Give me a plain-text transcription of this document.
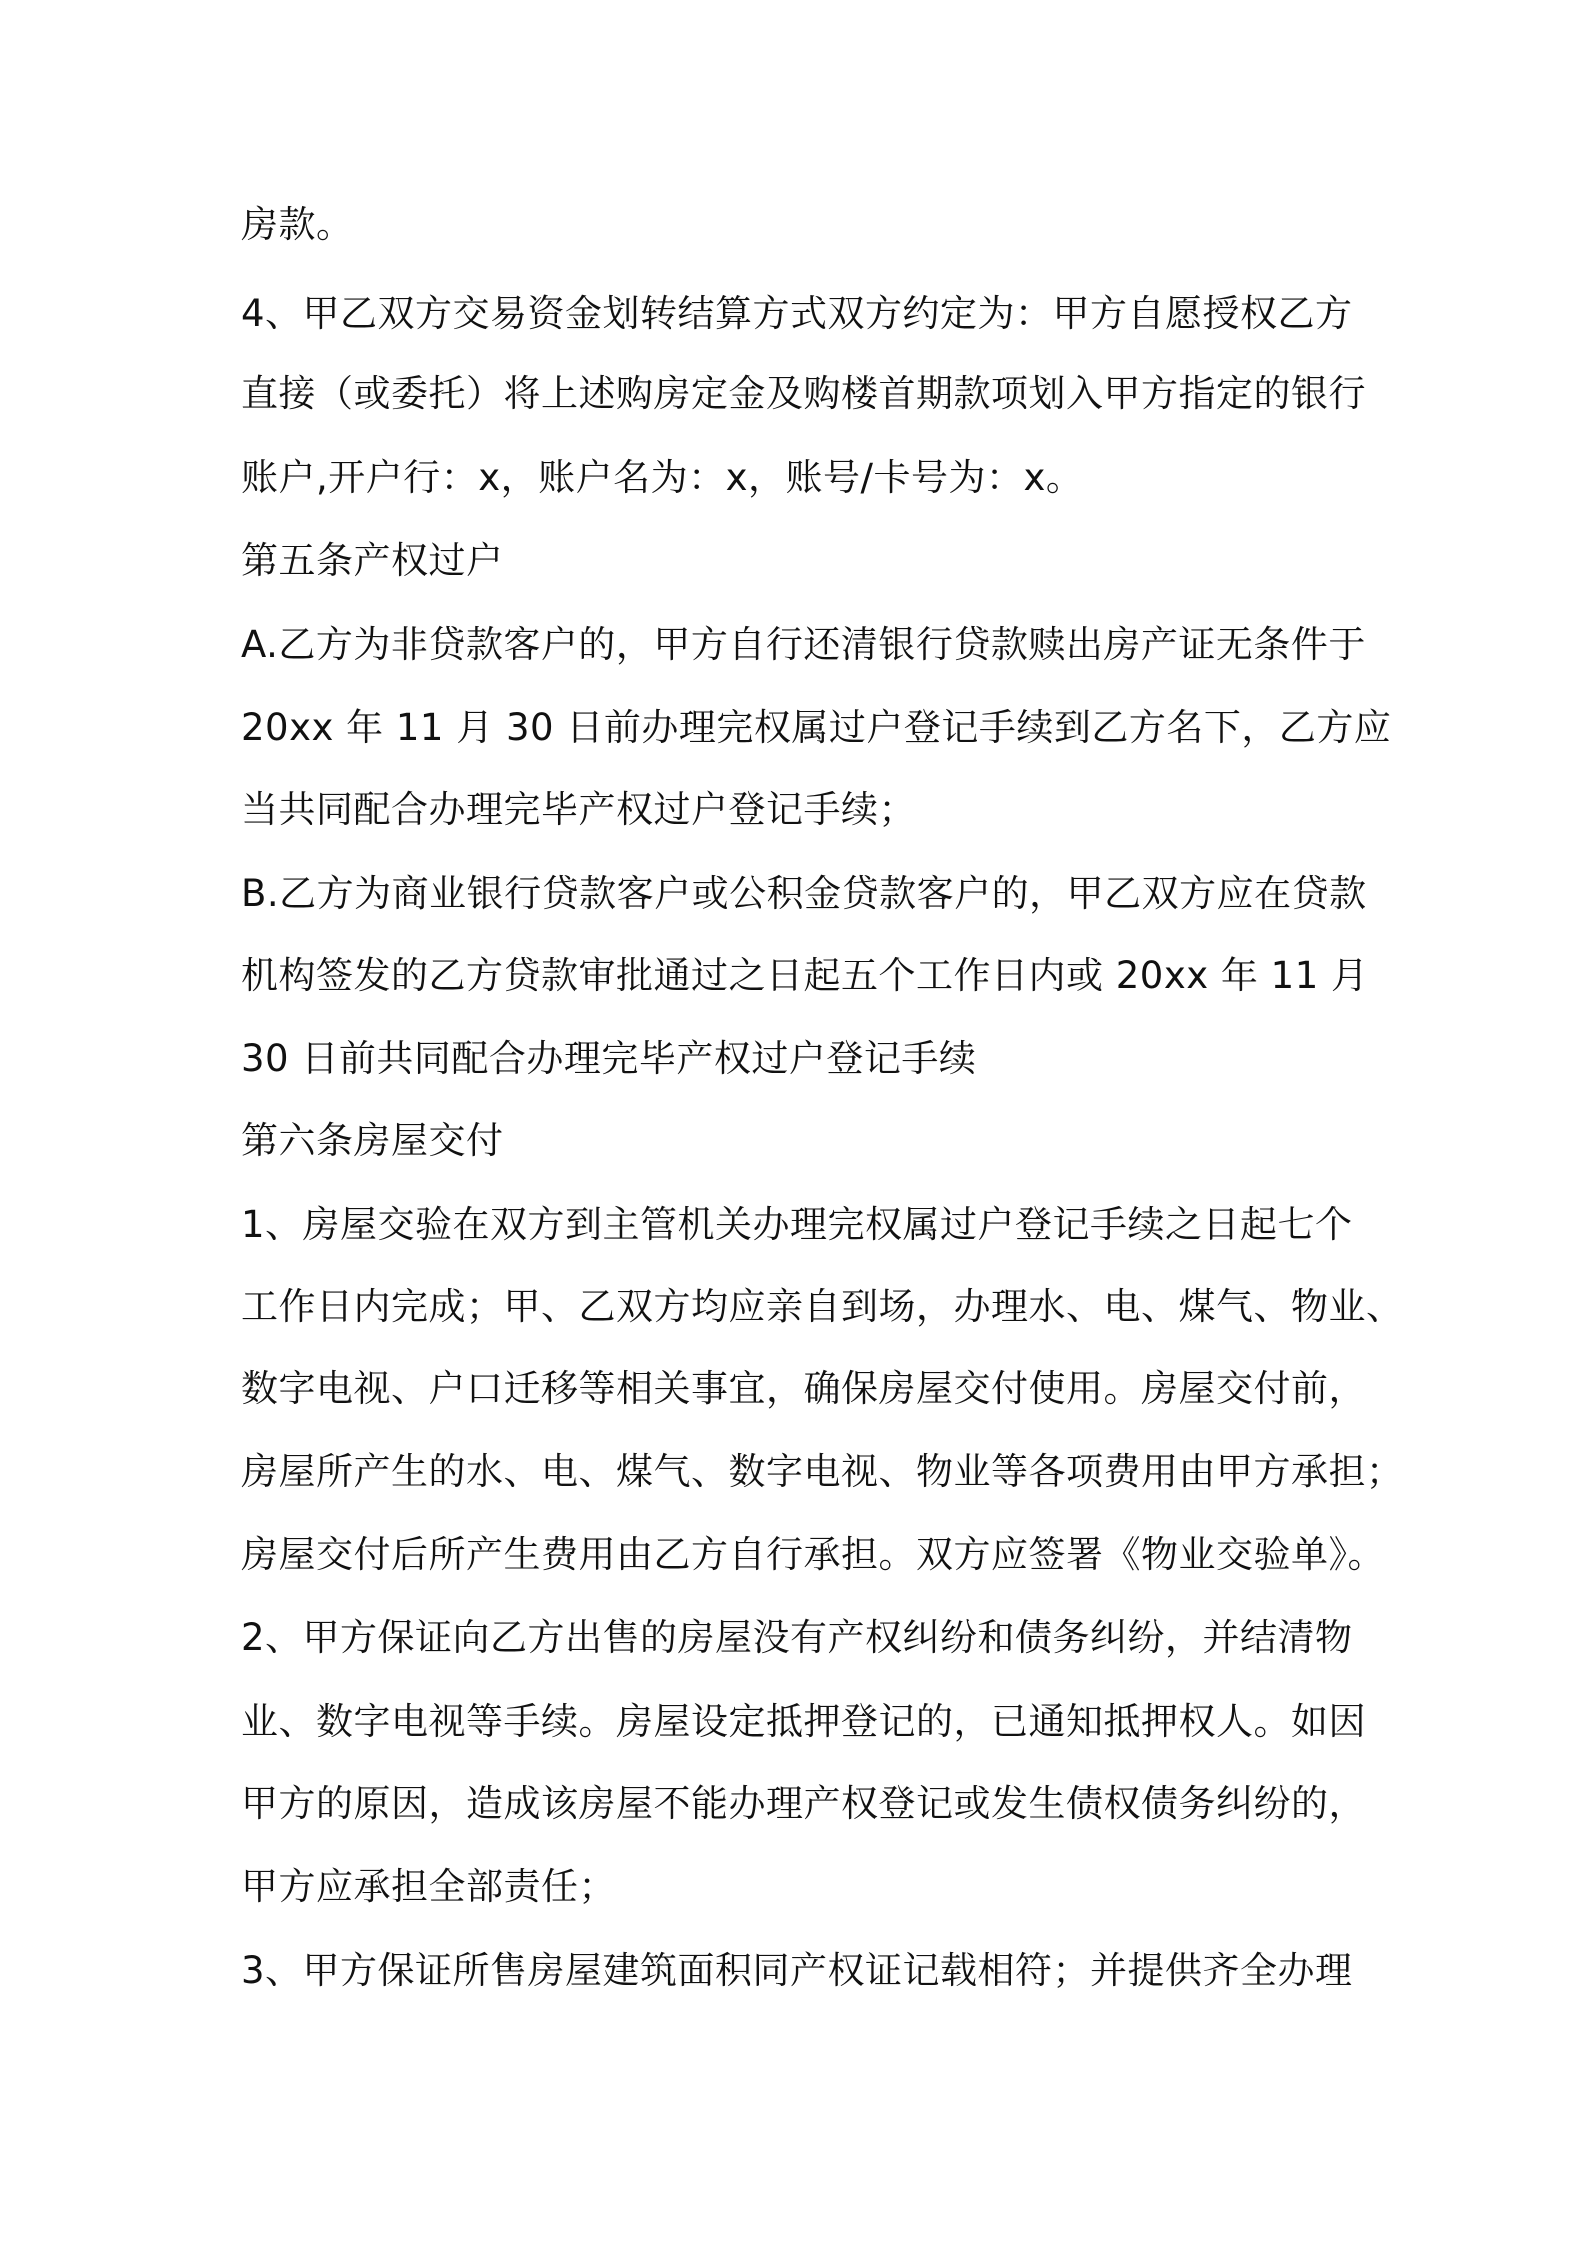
房款。
4、甲乙双方交易资金划转结算方式双方约定为：甲方自愿授权乙方
直接（或委托）将上述购房定金及购楼首期款项划入甲方指定的银行
账户,开户行：x，账户名为：x，账号/卡号为：x。
第五条产权过户
A.乙方为非贷款客户的，甲方自行还清银行贷款赎出房产证无条件于
20xx 年 11 月 30 日前办理完权属过户登记手续到乙方名下，乙方应
当共同配合办理完毕产权过户登记手续；
B.乙方为商业银行贷款客户或公积金贷款客户的，甲乙双方应在贷款
机构签发的乙方贷款审批通过之日起五个工作日内或 20xx 年 11 月
30 日前共同配合办理完毕产权过户登记手续
第六条房屋交付
1、房屋交验在双方到主管机关办理完权属过户登记手续之日起七个
工作日内完成；甲、乙双方均应亲自到场，办理水、电、煤气、物业、
数字电视、户口迁移等相关事宜，确保房屋交付使用。房屋交付前，
房屋所产生的水、电、煤气、数字电视、物业等各项费用由甲方承担；
房屋交付后所产生费用由乙方自行承担。双方应签署《物业交验单》。
2、甲方保证向乙方出售的房屋没有产权纠纷和债务纠纷，并结清物
业、数字电视等手续。房屋设定抵押登记的，已通知抵押权人。如因
甲方的原因，造成该房屋不能办理产权登记或发生债权债务纠纷的，
甲方应承担全部责任；
3、甲方保证所售房屋建筑面积同产权证记载相符；并提供齐全办理
